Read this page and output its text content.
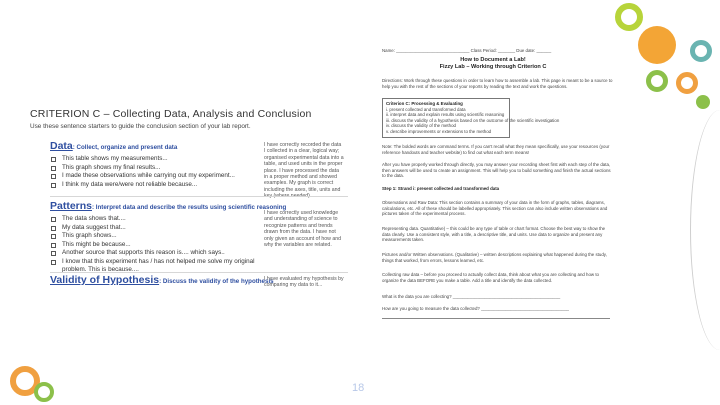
CRITERION C – Collecting Data, Analysis and Conclusion
Use these sentence starters to guide the conclusion section of your lab report.
Data: Collect, organize and present data
This table shows my measurements...
This graph shows my final results...
I made these observations while carrying out my experiment...
I think my data were/were not reliable because...
I have correctly recorded the data I collected in a clear, logical way; organised experimental data into a table, and used units in the proper place. I have processed the data in a proper method and showed examples. My graph is correct including the axes, title, units and key (where needed).
Patterns: Interpret data and describe the results using scientific reasoning
The data shows that....
My data suggest that...
This graph shows...
This might be because...
Another source that supports this reason is.... which says..
I know that this experiment has / has not helped me solve my original problem. This is because....
I have correctly used knowledge and understanding of science to recognize patterns and trends drawn from the data. I have not only given an account of how and why the variables are related.
Validity of Hypothesis: Discuss the validity of the hypothesis
I have evaluated my hypothesis by comparing my data to it...
18
Name: ______________________________ Class Period: _______ Due date: ______
How to Document a Lab!
Fizzy Lab – Working through Criterion C
Directions: Work through these questions in order to learn how to assemble a lab. This page is meant to be a source to help you with the rest of the sections of your reports by reading the text and work the questions.
Criterion C: Processing & Evaluating
i. present collected and transformed data
ii. interpret data and explain results using scientific reasoning
iii. discuss the validity of a hypothesis based on the outcome of the scientific investigation
iv. discuss the validity of the method
v. describe improvements or extensions to the method
Note: The bolded words are command terms. If you can't recall what they mean specifically, use your resources (your reference handouts and teacher website) to find out what each term means!
After you have properly worked through directly, you may answer your recording sheet first with each step of the data, then answers will be used to create an assignment. This will help you to build something and finish the actual sections to the data.
Step 1: Strand i: present collected and transformed data
Observations and Raw Data: This section contains a summary of your data in the form of graphs, tables, diagrams, calculations, etc. All of these should be labelled appropriately. This section can also include written observations and pictures taken of the experimental process.
Representing data. Quantitative) – this could be any type of table or chart format. Choose the best way to show the data clearly. Use a consistent style, with a title, a descriptive title, and units. Use data to organize and present any measurements taken.
Pictures and/or Written observations. (Qualitative) – written descriptions explaining what happened during the study, things that worked, from errors, lessons learned, etc.
Collecting raw data – before you proceed to actually collect data, think about what you are collecting and how to organize the data BEFORE you make a table. Add a title and identify the data collected.
What is the data you are collecting? ____________________________________________
How are you going to measure the data collected? ____________________________________
